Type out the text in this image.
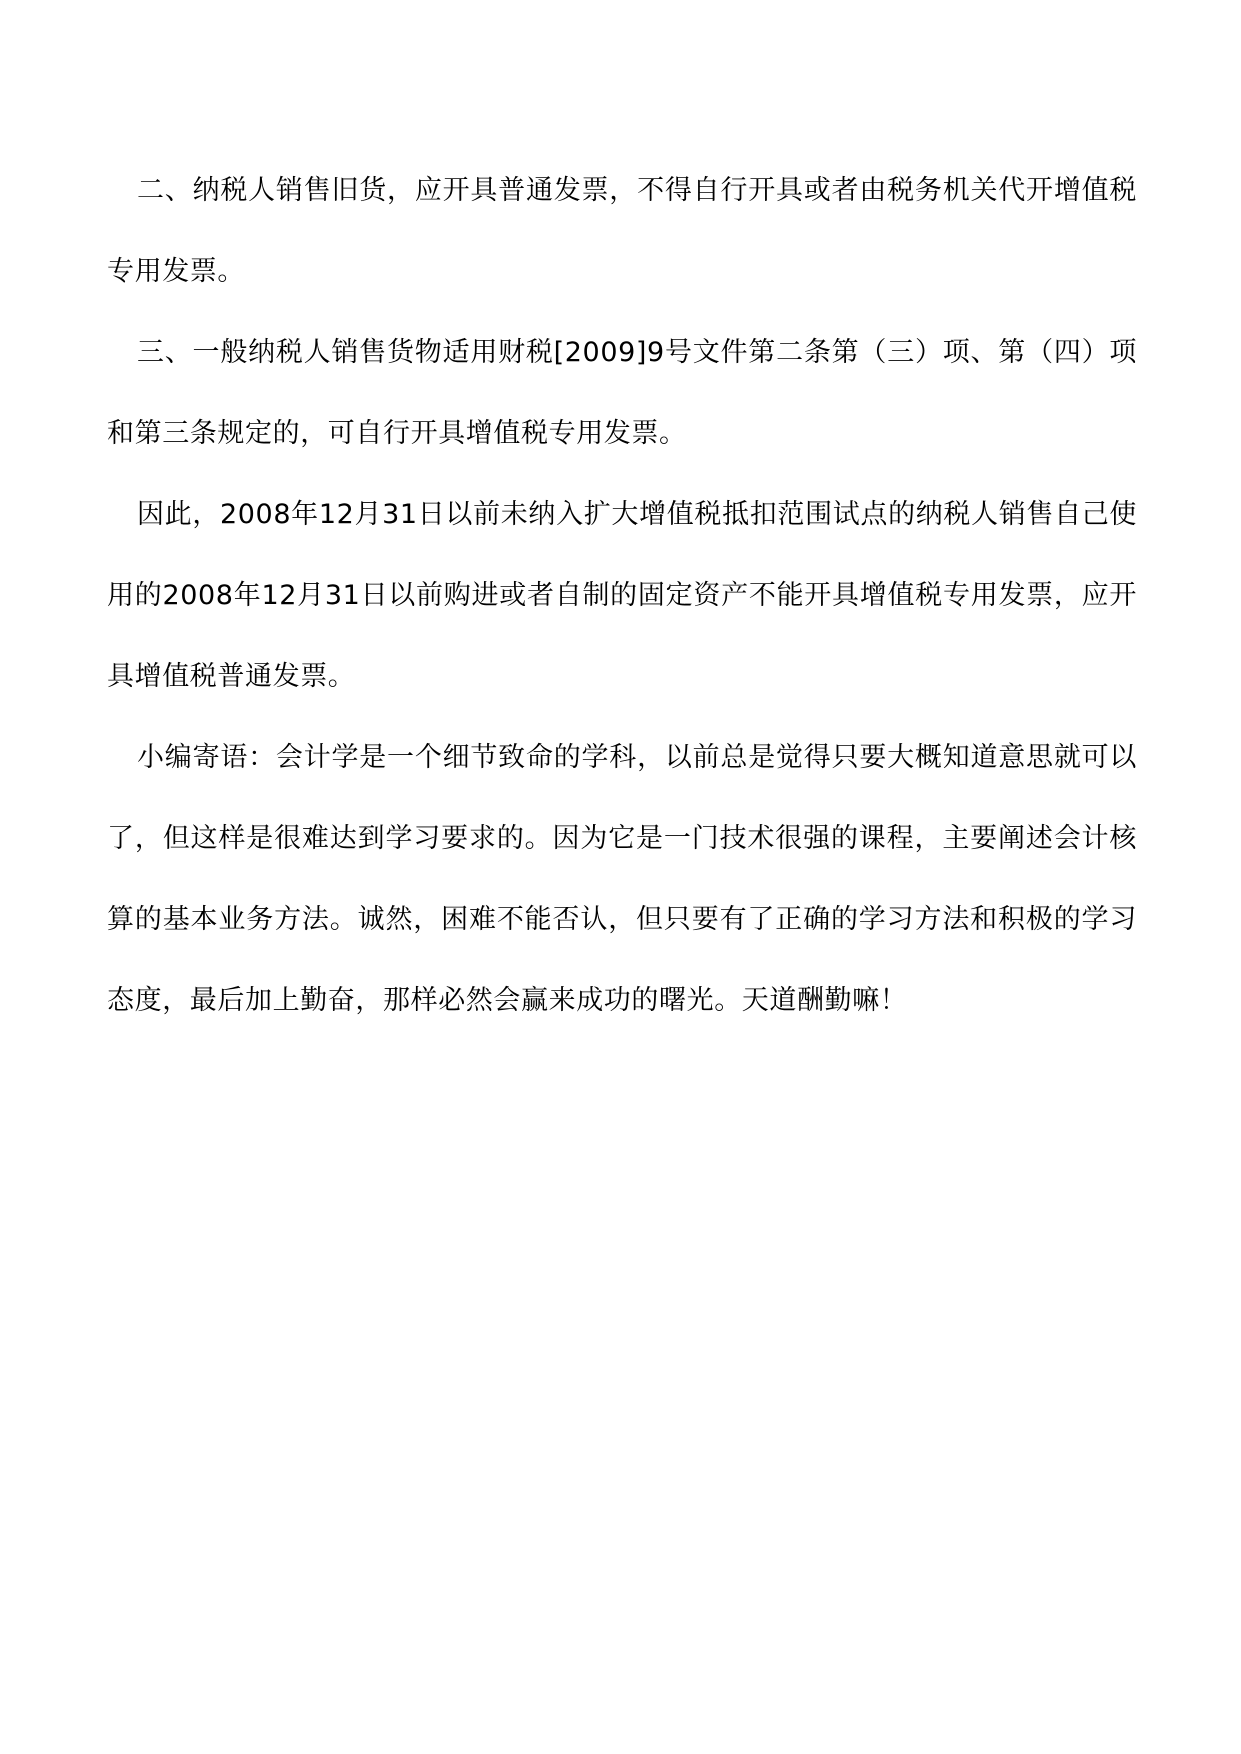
二、纳税人销售旧货，应开具普通发票，不得自行开具或者由税务机关代开增值税专用发票。

三、一般纳税人销售货物适用财税[2009]9号文件第二条第（三）项、第（四）项和第三条规定的，可自行开具增值税专用发票。

因此，2008年12月31日以前未纳入扩大增值税抵扣范围试点的纳税人销售自己使用的2008年12月31日以前购进或者自制的固定资产不能开具增值税专用发票，应开具增值税普通发票。

小编寄语：会计学是一个细节致命的学科，以前总是觉得只要大概知道意思就可以了，但这样是很难达到学习要求的。因为它是一门技术很强的课程，主要阐述会计核算的基本业务方法。诚然，困难不能否认，但只要有了正确的学习方法和积极的学习态度，最后加上勤奋，那样必然会赢来成功的曙光。天道酬勤嘛！
